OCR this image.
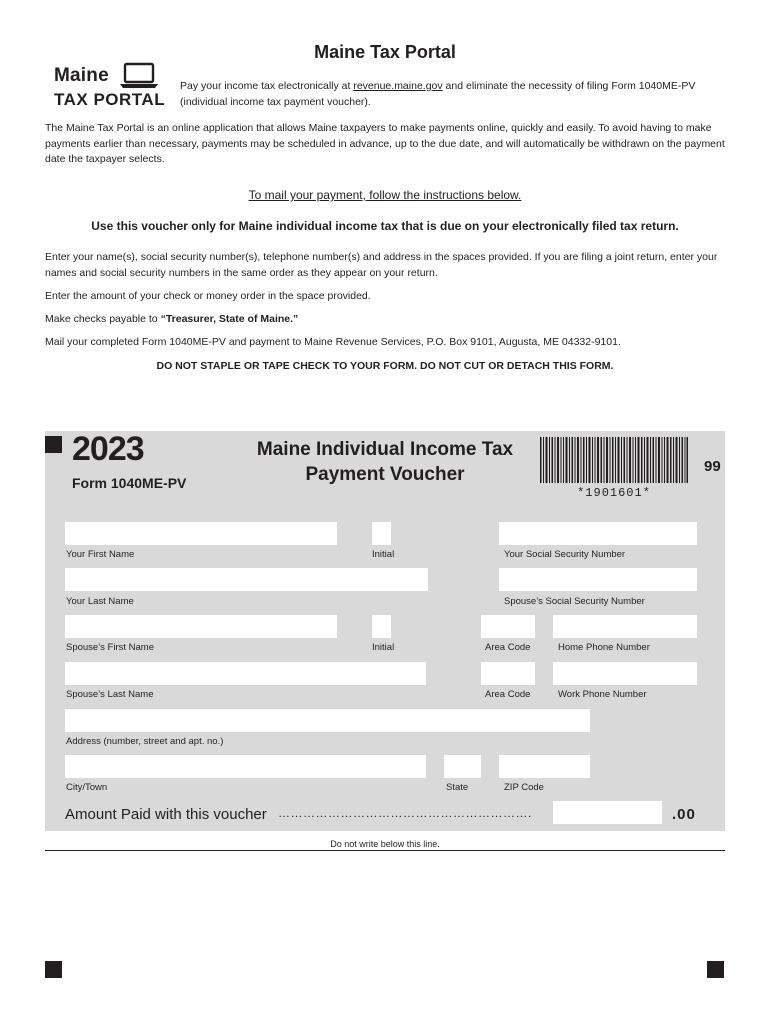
Maine Tax Portal
Maine
TAX PORTAL
Pay your income tax electronically at revenue.maine.gov and eliminate the necessity of filing Form 1040ME-PV (individual income tax payment voucher).
The Maine Tax Portal is an online application that allows Maine taxpayers to make payments online, quickly and easily. To avoid having to make payments earlier than necessary, payments may be scheduled in advance, up to the due date, and will automatically be withdrawn on the payment date the taxpayer selects.
To mail your payment, follow the instructions below.
Use this voucher only for Maine individual income tax that is due on your electronically filed tax return.
Enter your name(s), social security number(s), telephone number(s) and address in the spaces provided. If you are filing a joint return, enter your names and social security numbers in the same order as they appear on your return.
Enter the amount of your check or money order in the space provided.
Make checks payable to “Treasurer, State of Maine.”
Mail your completed Form 1040ME-PV and payment to Maine Revenue Services, P.O. Box 9101, Augusta, ME 04332-9101.
DO NOT STAPLE OR TAPE CHECK TO YOUR FORM. DO NOT CUT OR DETACH THIS FORM.
2023
Form 1040ME-PV
Maine Individual Income Tax
Payment Voucher
*1901601*
99
Your First Name	Initial	Your Social Security Number
Your Last Name	Spouse’s Social Security Number
Spouse’s First Name	Initial	Area Code	Home Phone Number
Spouse’s Last Name	Area Code	Work Phone Number
Address (number, street and apt. no.)
City/Town	State	ZIP Code
Amount Paid with this voucher …………………………………………………….	.00
Do not write below this line.
